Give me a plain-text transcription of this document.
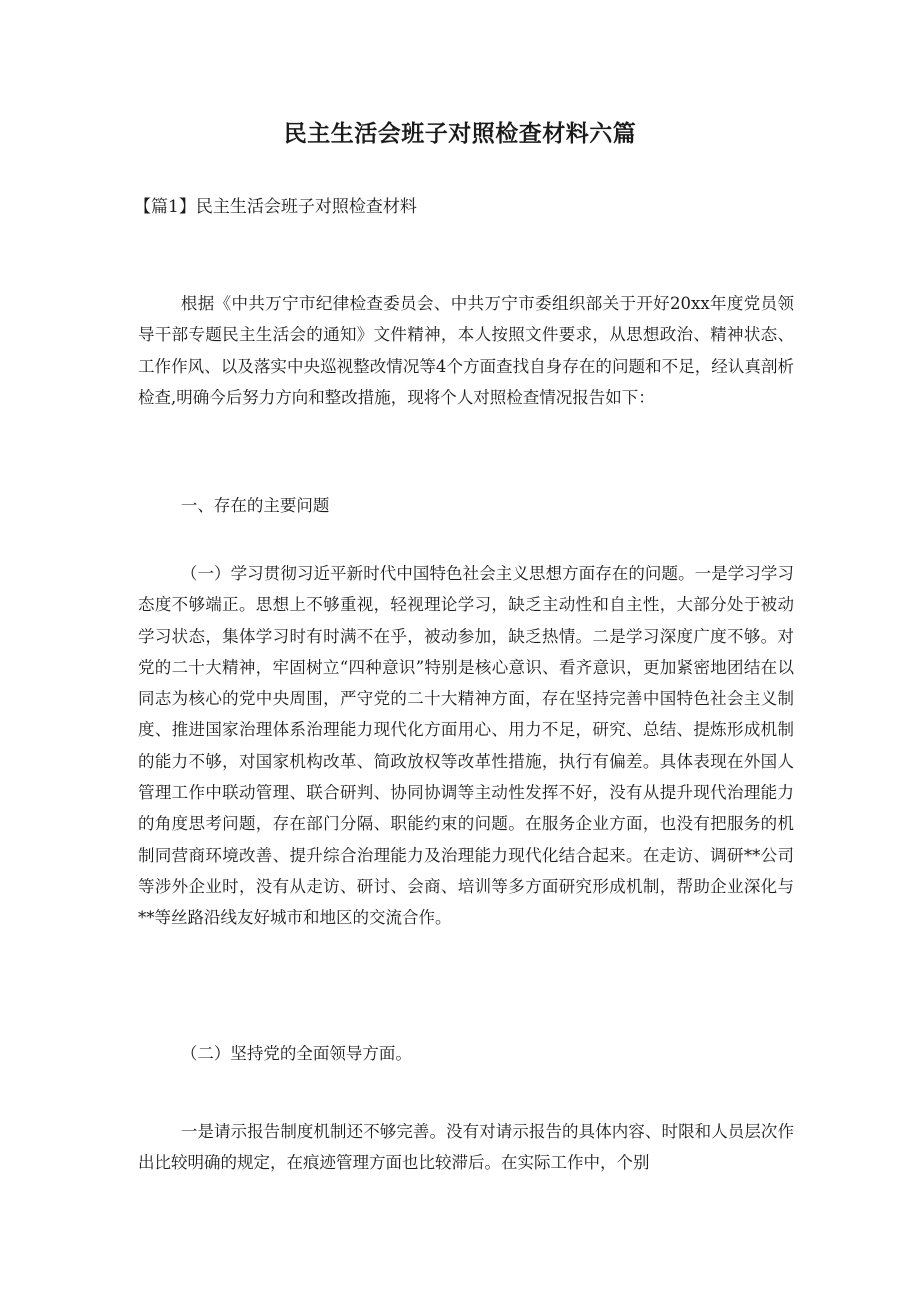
民主生活会班子对照检查材料六篇

【篇1】民主生活会班子对照检查材料

根据《中共万宁市纪律检查委员会、中共万宁市委组织部关于开好20xx年度党员领导干部专题民主生活会的通知》文件精神，本人按照文件要求，从思想政治、精神状态、工作作风、以及落实中央巡视整改情况等4个方面查找自身存在的问题和不足，经认真剖析检查,明确今后努力方向和整改措施，现将个人对照检查情况报告如下：

一、存在的主要问题

（一）学习贯彻习近平新时代中国特色社会主义思想方面存在的问题。一是学习学习态度不够端正。思想上不够重视，轻视理论学习，缺乏主动性和自主性，大部分处于被动学习状态，集体学习时有时满不在乎，被动参加，缺乏热情。二是学习深度广度不够。对党的二十大精神，牢固树立“四种意识”特别是核心意识、看齐意识，更加紧密地团结在以同志为核心的党中央周围，严守党的二十大精神方面，存在坚持完善中国特色社会主义制度、推进国家治理体系治理能力现代化方面用心、用力不足，研究、总结、提炼形成机制的能力不够，对国家机构改革、简政放权等改革性措施，执行有偏差。具体表现在外国人管理工作中联动管理、联合研判、协同协调等主动性发挥不好，没有从提升现代治理能力的角度思考问题，存在部门分隔、职能约束的问题。在服务企业方面，也没有把服务的机制同营商环境改善、提升综合治理能力及治理能力现代化结合起来。在走访、调研**公司等涉外企业时，没有从走访、研讨、会商、培训等多方面研究形成机制，帮助企业深化与**等丝路沿线友好城市和地区的交流合作。

（二）坚持党的全面领导方面。

一是请示报告制度机制还不够完善。没有对请示报告的具体内容、时限和人员层次作出比较明确的规定，在痕迹管理方面也比较滞后。在实际工作中，个别
